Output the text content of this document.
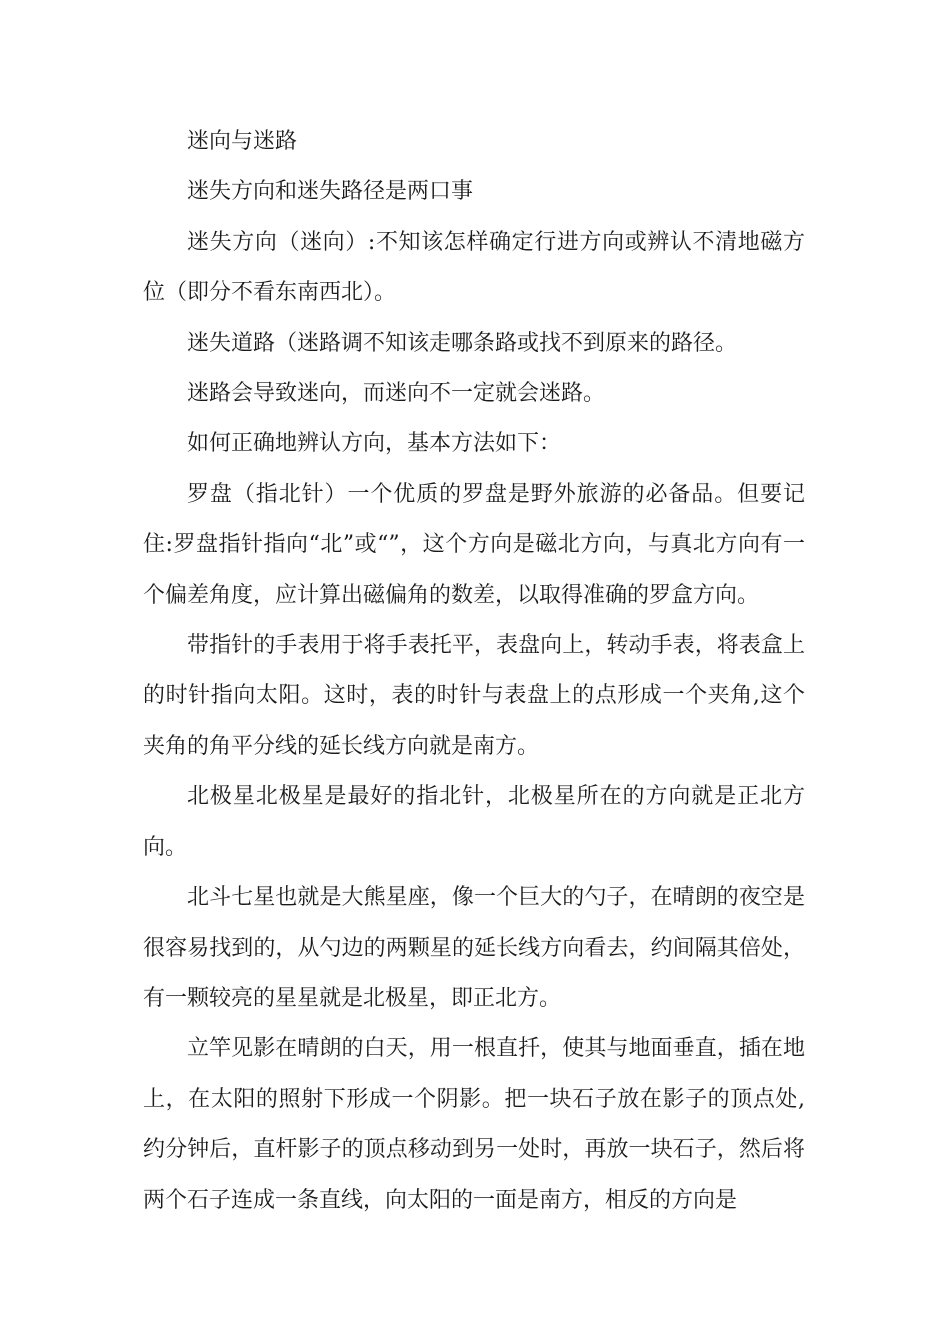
迷向与迷路

迷失方向和迷失路径是两口事

迷失方向（迷向）:不知该怎样确定行进方向或辨认不清地磁方位（即分不看东南西北）。

迷失道路（迷路调不知该走哪条路或找不到原来的路径。

迷路会导致迷向，而迷向不一定就会迷路。

如何正确地辨认方向，基本方法如下：

罗盘（指北针）一个优质的罗盘是野外旅游的必备品。但要记住:罗盘指针指向“北”或“”，这个方向是磁北方向，与真北方向有一个偏差角度，应计算出磁偏角的数差，以取得准确的罗盒方向。

带指针的手表用于将手表托平，表盘向上，转动手表，将表盒上的时针指向太阳。这时，表的时针与表盘上的点形成一个夹角,这个夹角的角平分线的延长线方向就是南方。

北极星北极星是最好的指北针，北极星所在的方向就是正北方向。

北斗七星也就是大熊星座，像一个巨大的勺子，在晴朗的夜空是很容易找到的，从勺边的两颗星的延长线方向看去，约间隔其倍处，有一颗较亮的星星就是北极星，即正北方。

立竿见影在晴朗的白天，用一根直扦，使其与地面垂直，插在地上，在太阳的照射下形成一个阴影。把一块石子放在影子的顶点处,约分钟后，直杆影子的顶点移动到另一处时，再放一块石子，然后将两个石子连成一条直线，向太阳的一面是南方，相反的方向是
